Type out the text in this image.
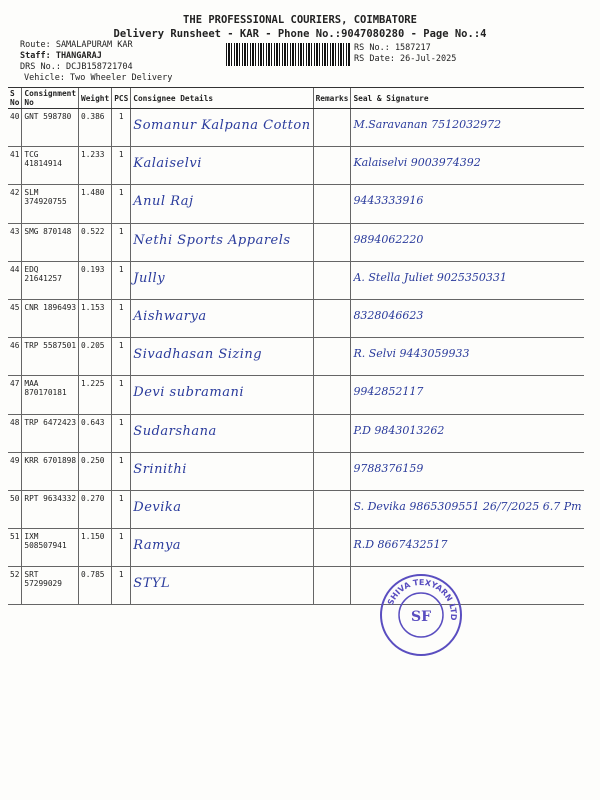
THE PROFESSIONAL COURIERS, COIMBATORE
Delivery Runsheet - KAR - Phone No.:9047080280 - Page No.:4
Route: SAMALAPURAM KAR
Staff: THANGARAJ
DRS No.: DCJB158721704
Vehicle: Two Wheeler Delivery
RS No.: 1587217
RS Date: 26-Jul-2025
S No	Consignment No	Weight	PCS	Consignee Details	Remarks	Seal & Signature
40	GNT 598780	0.386	1	Somanur Kalpana Cotton		M.Saravanan 7512032972

41	TCG 41814914	1.233	1	Kalaiselvi		Kalaiselvi 9003974392

42	SLM 374920755	1.480	1	Anul Raj		9443333916

43	SMG 870148	0.522	1	Nethi Sports Apparels		9894062220

44	EDQ 21641257	0.193	1	Jully		A. Stella Juliet 9025350331

45	CNR 1896493	1.153	1	Aishwarya		8328046623

46	TRP 5587501	0.205	1	Sivadhasan Sizing		R. Selvi 9443059933

47	MAA 870170181	1.225	1	Devi subramani		9942852117

48	TRP 6472423	0.643	1	Sudarshana		P.D 9843013262

49	KRR 6701898	0.250	1	Srinithi		9788376159

50	RPT 9634332	0.270	1	Devika		S. Devika 9865309551 26/7/2025 6.7 Pm

51	IXM 508507941	1.150	1	Ramya		R.D 8667432517

52	SRT 57299029	0.785	1	STYL		

SHIVA TEXYARN LTD
SF
